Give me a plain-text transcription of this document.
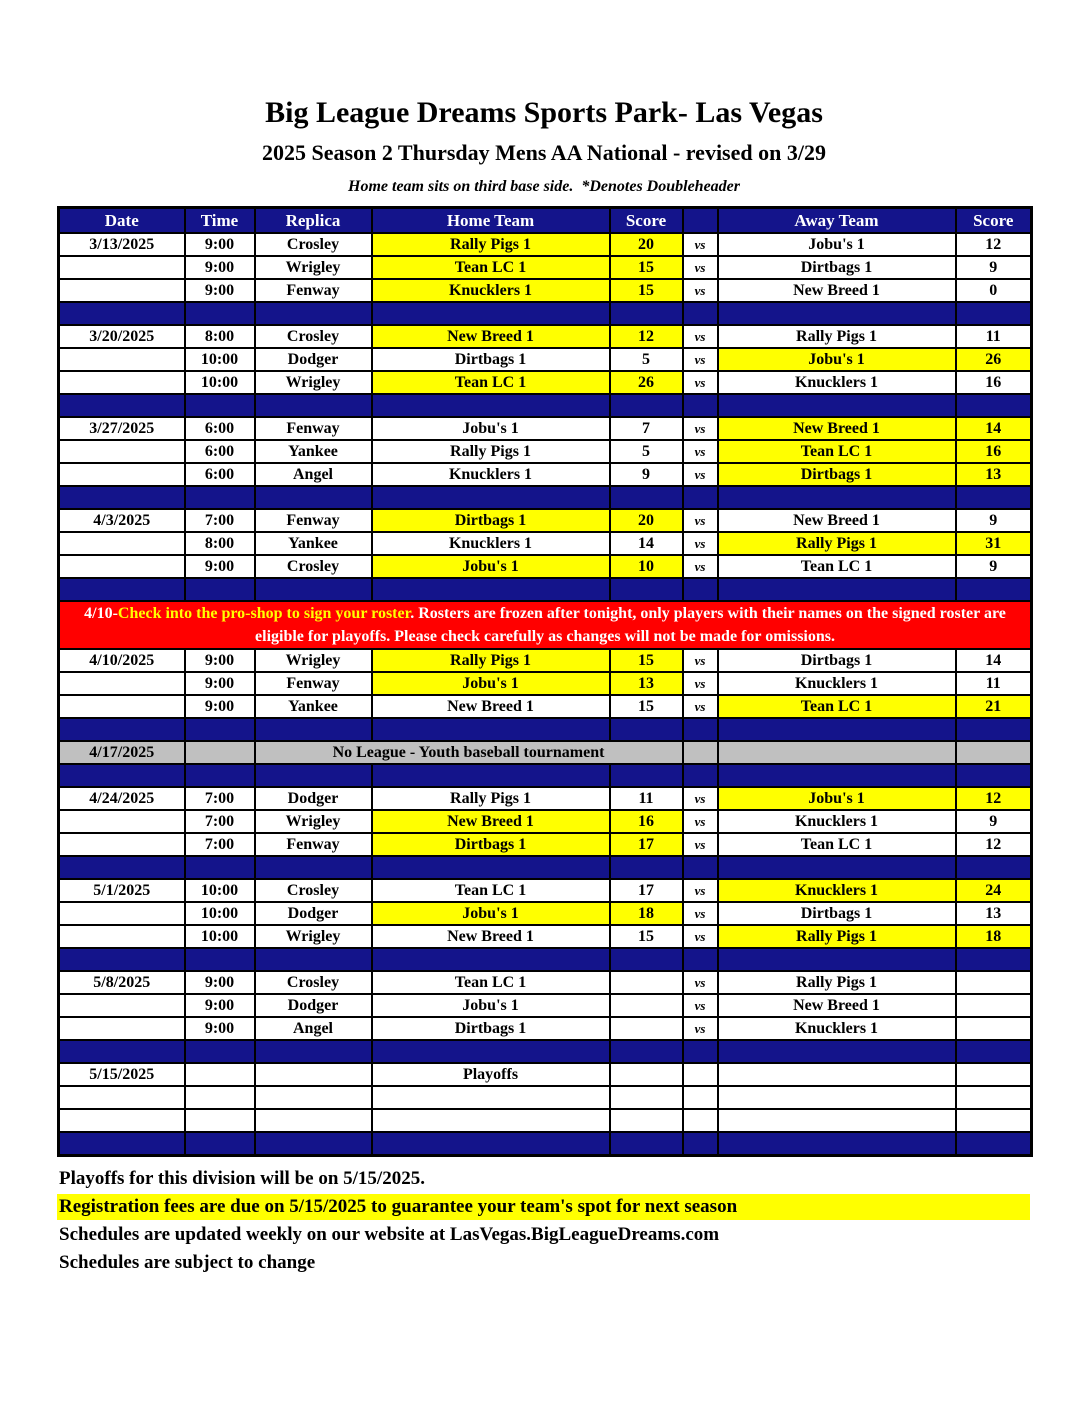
Big League Dreams Sports Park- Las Vegas
2025 Season 2 Thursday Mens AA National - revised on 3/29
Home team sits on third base side.  *Denotes Doubleheader
Date	Time	Replica	Home Team	Score		Away Team	Score
3/13/2025	9:00	Crosley	Rally Pigs 1	20	vs	Jobu's 1	12
	9:00	Wrigley	Tean LC 1	15	vs	Dirtbags 1	9
	9:00	Fenway	Knucklers 1	15	vs	New Breed 1	0

3/20/2025	8:00	Crosley	New Breed 1	12	vs	Rally Pigs 1	11
	10:00	Dodger	Dirtbags 1	5	vs	Jobu's 1	26
	10:00	Wrigley	Tean LC 1	26	vs	Knucklers 1	16

3/27/2025	6:00	Fenway	Jobu's 1	7	vs	New Breed 1	14
	6:00	Yankee	Rally Pigs 1	5	vs	Tean LC 1	16
	6:00	Angel	Knucklers 1	9	vs	Dirtbags 1	13

4/3/2025	7:00	Fenway	Dirtbags 1	20	vs	New Breed 1	9
	8:00	Yankee	Knucklers 1	14	vs	Rally Pigs 1	31
	9:00	Crosley	Jobu's 1	10	vs	Tean LC 1	9

4/10-Check into the pro-shop to sign your roster. Rosters are frozen after tonight, only players with their names on the signed roster are eligible for playoffs. Please check carefully as changes will not be made for omissions.							
4/10/2025	9:00	Wrigley	Rally Pigs 1	15	vs	Dirtbags 1	14
	9:00	Fenway	Jobu's 1	13	vs	Knucklers 1	11
	9:00	Yankee	New Breed 1	15	vs	Tean LC 1	21

4/17/2025		No League - Youth baseball tournament					

4/24/2025	7:00	Dodger	Rally Pigs 1	11	vs	Jobu's 1	12
	7:00	Wrigley	New Breed 1	16	vs	Knucklers 1	9
	7:00	Fenway	Dirtbags 1	17	vs	Tean LC 1	12

5/1/2025	10:00	Crosley	Tean LC 1	17	vs	Knucklers 1	24
	10:00	Dodger	Jobu's 1	18	vs	Dirtbags 1	13
	10:00	Wrigley	New Breed 1	15	vs	Rally Pigs 1	18

5/8/2025	9:00	Crosley	Tean LC 1		vs	Rally Pigs 1	
	9:00	Dodger	Jobu's 1		vs	New Breed 1	
	9:00	Angel	Dirtbags 1		vs	Knucklers 1	

5/15/2025			Playoffs				

Playoffs for this division will be on 5/15/2025.
Registration fees are due on 5/15/2025 to guarantee your team's spot for next season
Schedules are updated weekly on our website at LasVegas.BigLeagueDreams.com
Schedules are subject to change
